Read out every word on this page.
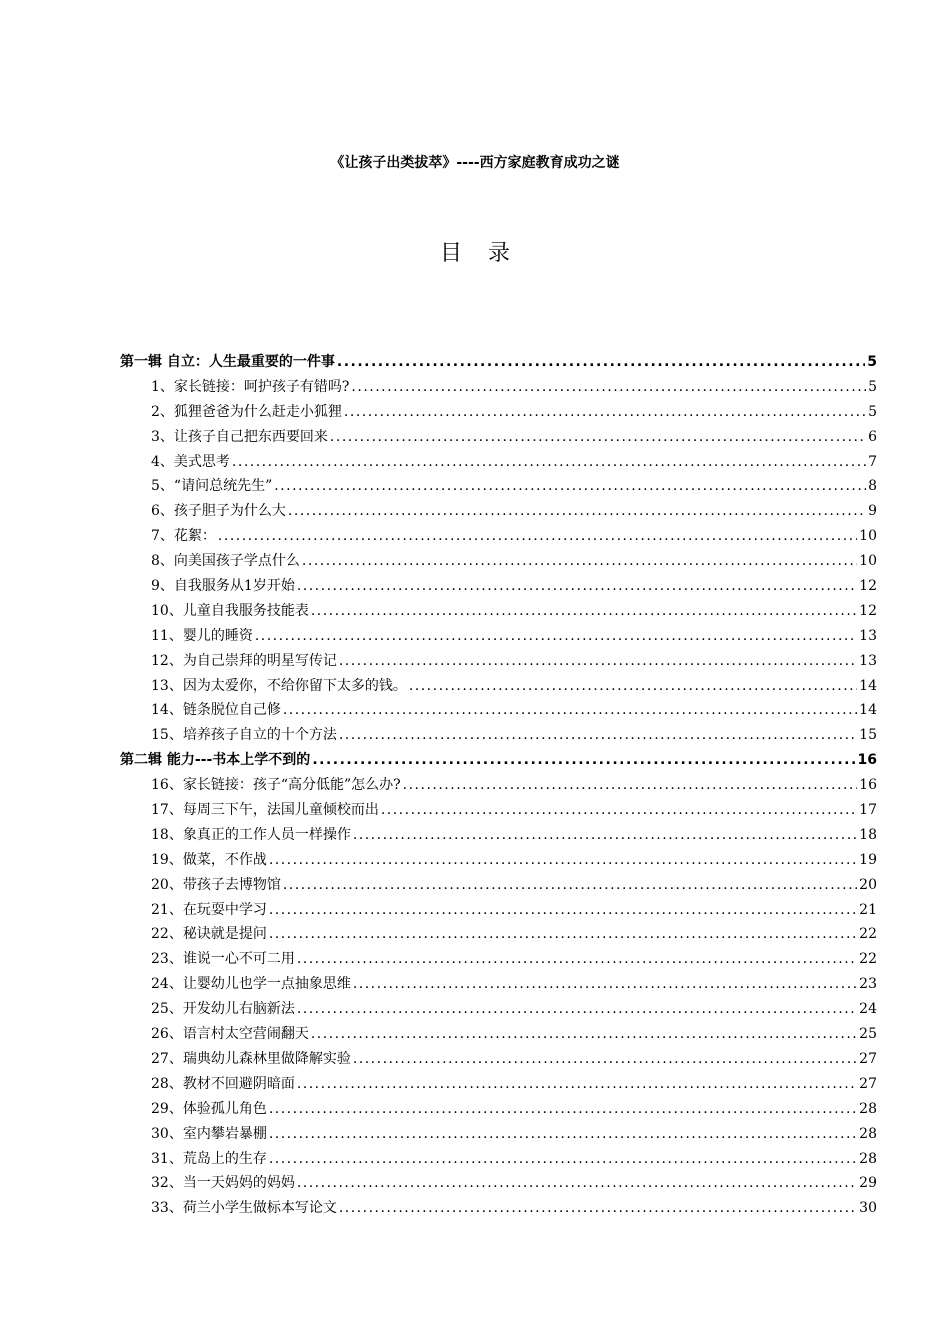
《让孩子出类拔萃》----西方家庭教育成功之谜
目录
第一辑 自立：人生最重要的一件事 .....	5
1、家长链接：呵护孩子有错吗? .....	5
2、狐狸爸爸为什么赶走小狐狸 .....	5
3、让孩子自己把东西要回来 .....	6
4、美式思考 .....	7
5、“请问总统先生” .....	8
6、孩子胆子为什么大 .....	9
7、花絮： .....	10
8、向美国孩子学点什么 .....	10
9、自我服务从1岁开始 .....	12
10、儿童自我服务技能表 .....	12
11、婴儿的睡资 .....	13
12、为自己崇拜的明星写传记 .....	13
13、因为太爱你，不给你留下太多的钱。 .....	14
14、链条脱位自己修 .....	14
15、培养孩子自立的十个方法 .....	15
第二辑 能力---书本上学不到的 .....	16
16、家长链接：孩子“高分低能”怎么办? .....	16
17、每周三下午，法国儿童倾校而出 .....	17
18、象真正的工作人员一样操作 .....	18
19、做菜，不作战 .....	19
20、带孩子去博物馆 .....	20
21、在玩耍中学习 .....	21
22、秘诀就是提问 .....	22
23、谁说一心不可二用 .....	22
24、让婴幼儿也学一点抽象思维 .....	23
25、开发幼儿右脑新法 .....	24
26、语言村太空营闹翻天 .....	25
27、瑞典幼儿森林里做降解实验 .....	27
28、教材不回避阴暗面 .....	27
29、体验孤儿角色 .....	28
30、室内攀岩暴棚 .....	28
31、荒岛上的生存 .....	28
32、当一天妈妈的妈妈 .....	29
33、荷兰小学生做标本写论文 .....	30
